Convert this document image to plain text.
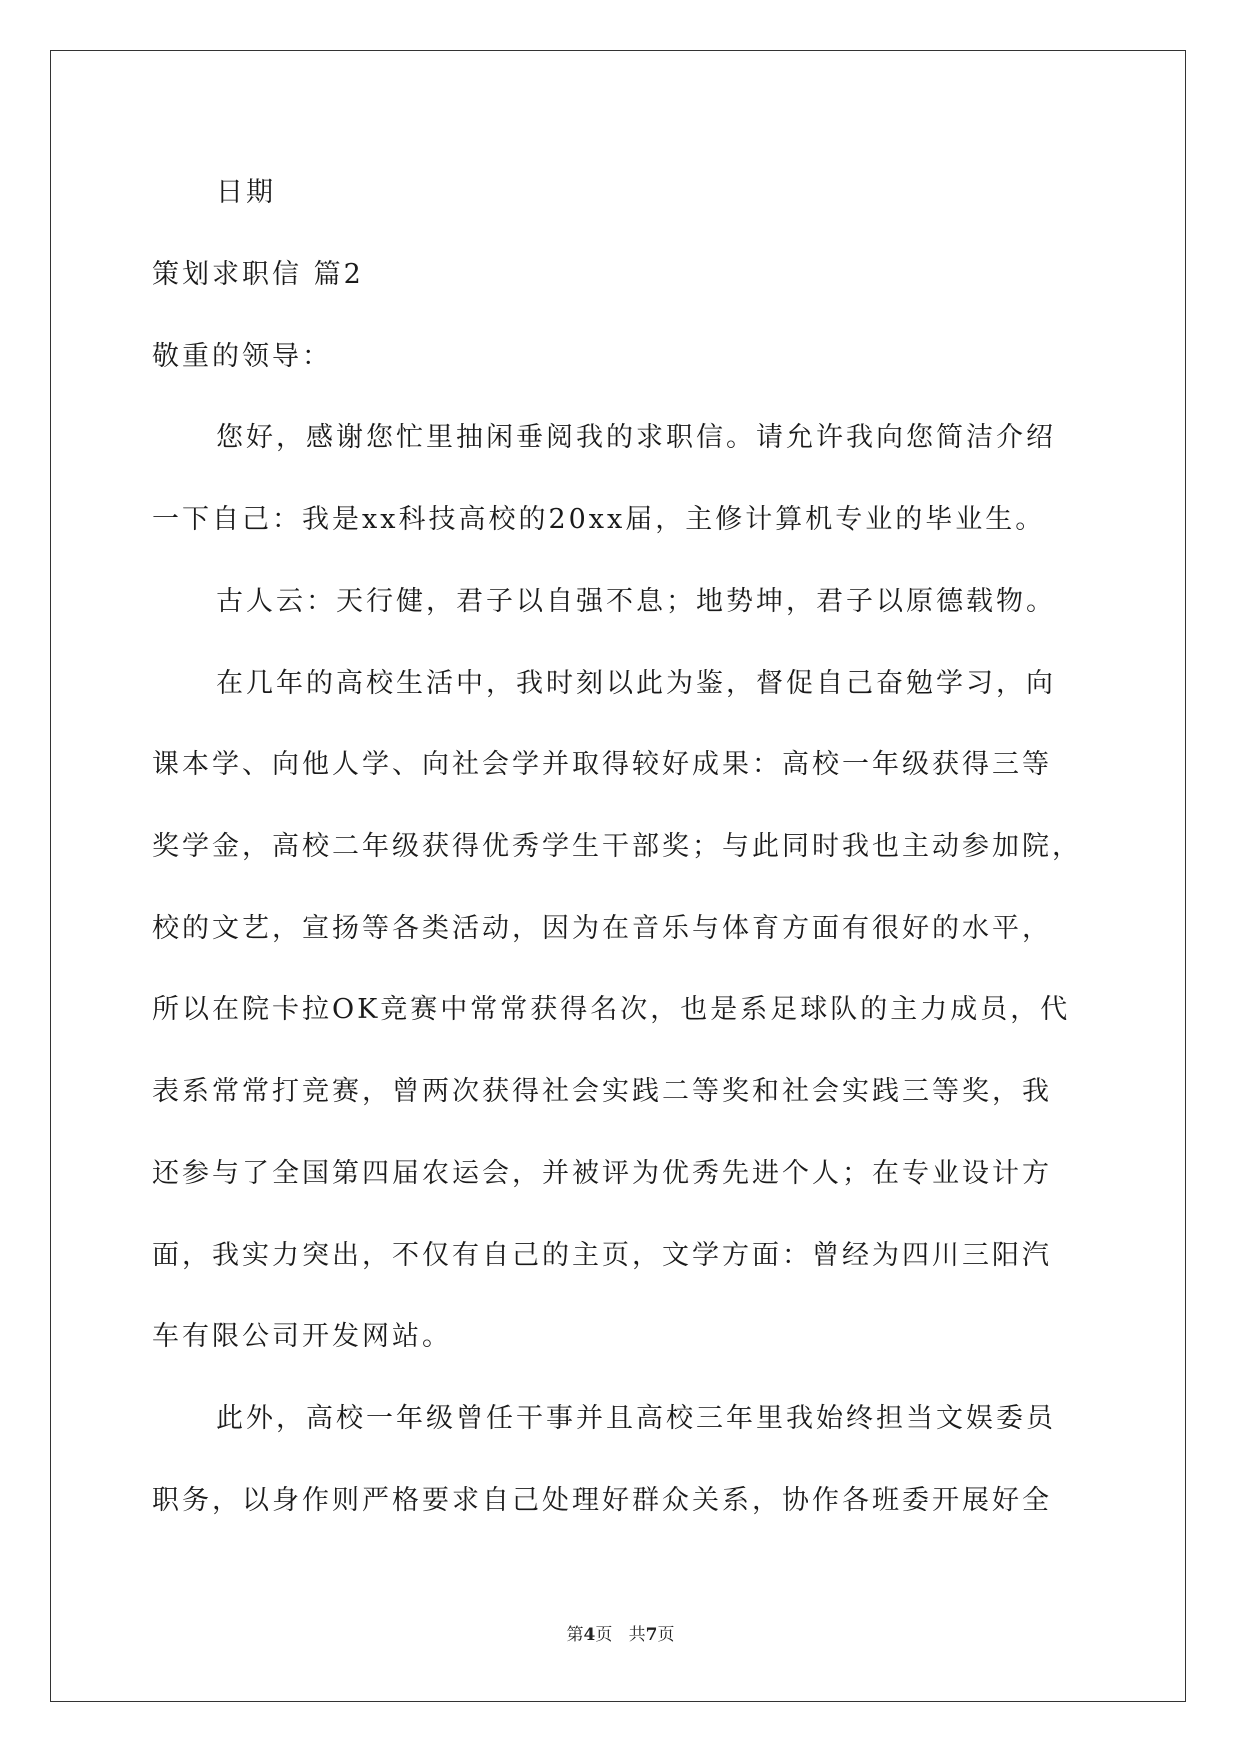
日期
策划求职信 篇2
敬重的领导：
您好，感谢您忙里抽闲垂阅我的求职信。请允许我向您简洁介绍
一下自己：我是xx科技高校的20xx届，主修计算机专业的毕业生。
古人云：天行健，君子以自强不息；地势坤，君子以原德载物。
在几年的高校生活中，我时刻以此为鉴，督促自己奋勉学习，向
课本学、向他人学、向社会学并取得较好成果：高校一年级获得三等
奖学金，高校二年级获得优秀学生干部奖；与此同时我也主动参加院，
校的文艺，宣扬等各类活动，因为在音乐与体育方面有很好的水平，
所以在院卡拉OK竞赛中常常获得名次，也是系足球队的主力成员，代
表系常常打竞赛，曾两次获得社会实践二等奖和社会实践三等奖，我
还参与了全国第四届农运会，并被评为优秀先进个人；在专业设计方
面，我实力突出，不仅有自己的主页，文学方面：曾经为四川三阳汽
车有限公司开发网站。
此外，高校一年级曾任干事并且高校三年里我始终担当文娱委员
职务，以身作则严格要求自己处理好群众关系，协作各班委开展好全
第4页 共7页
